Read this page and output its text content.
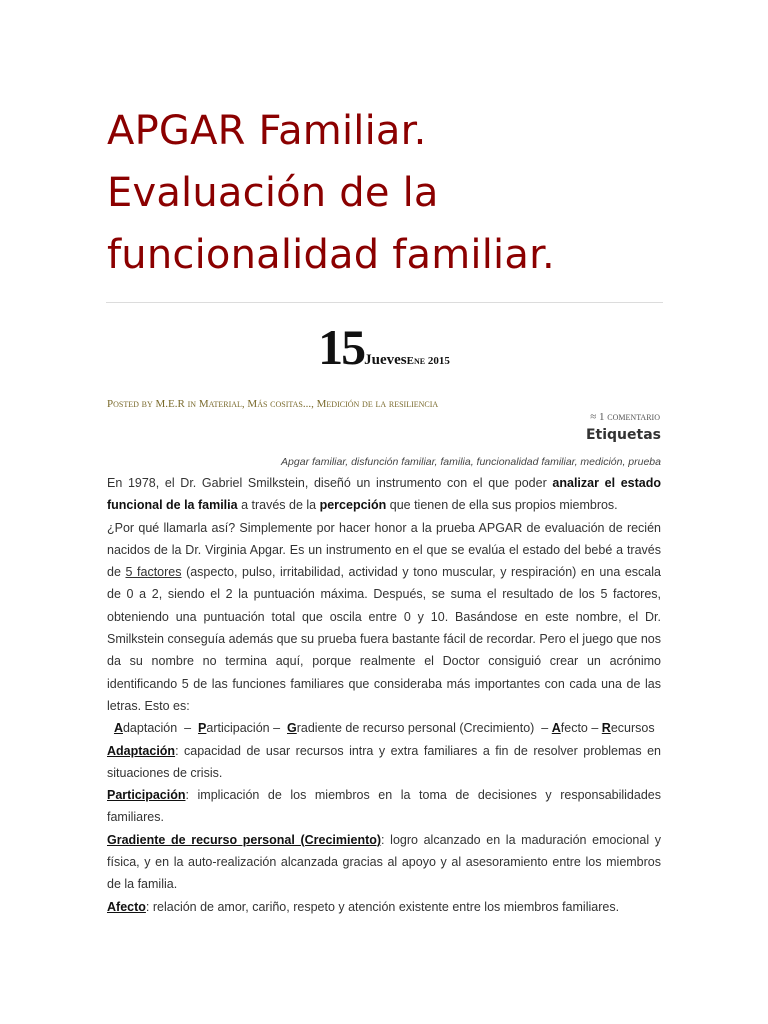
APGAR Familiar.
Evaluación de la
funcionalidad familiar.
15JuevesEne 2015
Posted by M.E.R in Material, Más cositas..., Medición de la resiliencia
≈ 1 comentario
Etiquetas
Apgar familiar, disfunción familiar, familia, funcionalidad familiar, medición, prueba

En 1978, el Dr. Gabriel Smilkstein, diseñó un instrumento con el que poder analizar el estado funcional de la familia a través de la percepción que tienen de ella sus propios miembros.

¿Por qué llamarla así? Simplemente por hacer honor a la prueba APGAR de evaluación de recién nacidos de la Dr. Virginia Apgar. Es un instrumento en el que se evalúa el estado del bebé a través de 5 factores (aspecto, pulso, irritabilidad, actividad y tono muscular, y respiración) en una escala de 0 a 2, siendo el 2 la puntuación máxima. Después, se suma el resultado de los 5 factores, obteniendo una puntuación total que oscila entre 0 y 10. Basándose en este nombre, el Dr. Smilkstein conseguía además que su prueba fuera bastante fácil de recordar. Pero el juego que nos da su nombre no termina aquí, porque realmente el Doctor consiguió crear un acrónimo identificando 5 de las funciones familiares que consideraba más importantes con cada una de las letras. Esto es:

Adaptación  –  Participación –  Gradiente de recurso personal (Crecimiento)  – Afecto – Recursos

Adaptación: capacidad de usar recursos intra y extra familiares a fin de resolver problemas en situaciones de crisis.

Participación: implicación de los miembros en la toma de decisiones y responsabilidades familiares.

Gradiente de recurso personal (Crecimiento): logro alcanzado en la maduración emocional y física, y en la auto-realización alcanzada gracias al apoyo y al asesoramiento entre los miembros de la familia.

Afecto: relación de amor, cariño, respeto y atención existente entre los miembros familiares.
